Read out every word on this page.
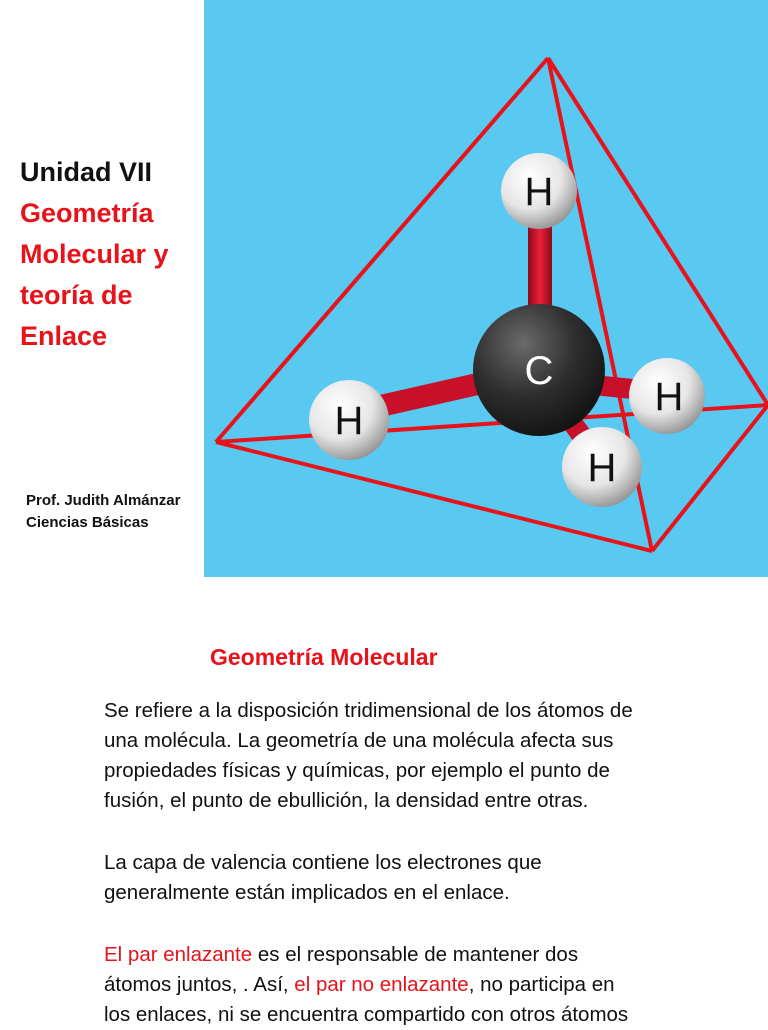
Unidad VII
Geometría
Molecular y
teoría de
Enlace
Prof. Judith Almánzar
Ciencias Básicas
H
C
H
H
H
Geometría Molecular
Se refiere a la disposición tridimensional de los átomos de
una molécula. La geometría de una molécula afecta sus
propiedades físicas y químicas, por ejemplo el punto de
fusión, el punto de ebullición, la densidad entre otras.
La capa de valencia contiene los electrones que
generalmente están implicados en el enlace.
El par enlazante es el responsable de mantener dos
átomos juntos, . Así, el par no enlazante, no participa en
los enlaces, ni se encuentra compartido con otros átomos
